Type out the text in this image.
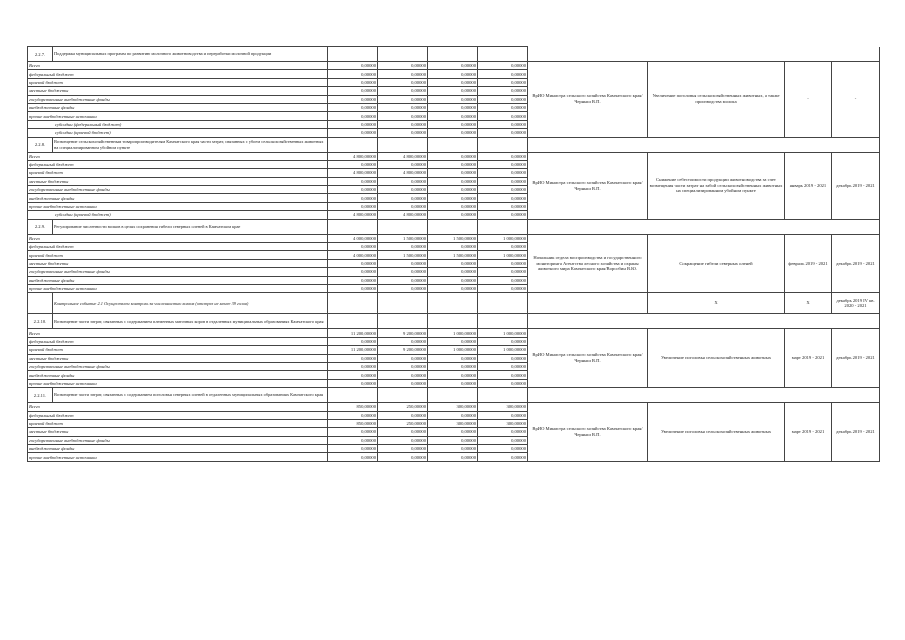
2.2.7.	Поддержка муниципальных программ по развитию молочного животноводства и переработки молочной продукции								
Всего		0,00000	0,00000	0,00000	0,00000	ВрИО Министра сельского хозяйства Камчатского края/Черныш В.П.	Увеличение поголовья сельскохозяйственных животных, а также производства молока	-	-
федеральный бюджет		0,00000	0,00000	0,00000	0,00000				
краевой бюджет		0,00000	0,00000	0,00000	0,00000				
местные бюджеты		0,00000	0,00000	0,00000	0,00000				
государственные внебюджетные фонды		0,00000	0,00000	0,00000	0,00000				
внебюджетные фонды		0,00000	0,00000	0,00000	0,00000				
прочие внебюджетные источники		0,00000	0,00000	0,00000	0,00000				
субсидии (федеральный бюджет)		0,00000	0,00000	0,00000	0,00000				
субсидии (краевой бюджет)		0,00000	0,00000	0,00000	0,00000				
2.2.8.	Возмещение сельскохозяйственным товаропроизводителям Камчатского края части затрат, связанных с убоем сельскохозяйственных животных на специализированном убойном пункте								
Всего		4 800,00000	4 800,00000	0,00000	0,00000	ВрИО Министра сельского хозяйства Камчатского края/Черныш В.П.	Снижение себестоимости продукции животноводства за счет возмещения части затрат на забой сельскохозяйственных животных на специализированном убойном пункте	январь 2019 - 2021	декабрь 2019 - 2021
федеральный бюджет		0,00000	0,00000	0,00000	0,00000				
краевой бюджет		4 800,00000	4 800,00000	0,00000	0,00000				
местные бюджеты		0,00000	0,00000	0,00000	0,00000				
государственные внебюджетные фонды		0,00000	0,00000	0,00000	0,00000				
внебюджетные фонды		0,00000	0,00000	0,00000	0,00000				
прочие внебюджетные источники		0,00000	0,00000	0,00000	0,00000				
субсидии (краевой бюджет)		4 800,00000	4 800,00000	0,00000	0,00000				
2.2.9.	Регулирование численности волков в целях сохранения гибели северных оленей в Камчатском крае								
Всего		4 000,00000	1 500,00000	1 500,00000	1 000,00000	Начальник отдела воспроизводства и государственного мониторинга Агентства лесного хозяйства и охраны животного мира Камчатского края/Ворсобин В.Ю.	Сокращение гибели северных оленей	февраль 2019 - 2021	декабрь 2019 - 2021
федеральный бюджет		0,00000	0,00000	0,00000	0,00000				
краевой бюджет		4 000,00000	1 500,00000	1 500,00000	1 000,00000				
местные бюджеты		0,00000	0,00000	0,00000	0,00000				
государственные внебюджетные фонды		0,00000	0,00000	0,00000	0,00000				
внебюджетные фонды		0,00000	0,00000	0,00000	0,00000				
прочие внебюджетные источники		0,00000	0,00000	0,00000	0,00000				
	Контрольное событие 2.1 Осуществлен контроль за численностью волков (отстрел не менее 39 голов)						X	X	декабрь 2019 IV кв. 2020 - 2021
2.2.10.	Возмещение части затрат, связанных с содержанием племенных маточных коров в отдаленных муниципальных образованиях Камчатского края								
Всего		11 200,00000	9 200,00000	1 000,00000	1 000,00000	ВрИО Министра сельского хозяйства Камчатского края/Черныш В.П.	Увеличение поголовья сельскохозяйственных животных	март 2019 - 2021	декабрь 2019 - 2021
федеральный бюджет		0,00000	0,00000	0,00000	0,00000				
краевой бюджет		11 200,00000	9 200,00000	1 000,00000	1 000,00000				
местные бюджеты		0,00000	0,00000	0,00000	0,00000				
государственные внебюджетные фонды		0,00000	0,00000	0,00000	0,00000				
внебюджетные фонды		0,00000	0,00000	0,00000	0,00000				
прочие внебюджетные источники		0,00000	0,00000	0,00000	0,00000				
2.2.11.	Возмещение части затрат, связанных с содержанием поголовья северных оленей в отдаленных муниципальных образованиях Камчатского края								
Всего		850,00000	250,00000	300,00000	300,00000	ВрИО Министра сельского хозяйства Камчатского края/Черныш В.П.	Увеличение поголовья сельскохозяйственных животных	март 2019 - 2021	декабрь 2019 - 2021
федеральный бюджет		0,00000	0,00000	0,00000	0,00000				
краевой бюджет		850,00000	250,00000	300,00000	300,00000				
местные бюджеты		0,00000	0,00000	0,00000	0,00000				
государственные внебюджетные фонды		0,00000	0,00000	0,00000	0,00000				
внебюджетные фонды		0,00000	0,00000	0,00000	0,00000				
прочие внебюджетные источники		0,00000	0,00000	0,00000	0,00000				
